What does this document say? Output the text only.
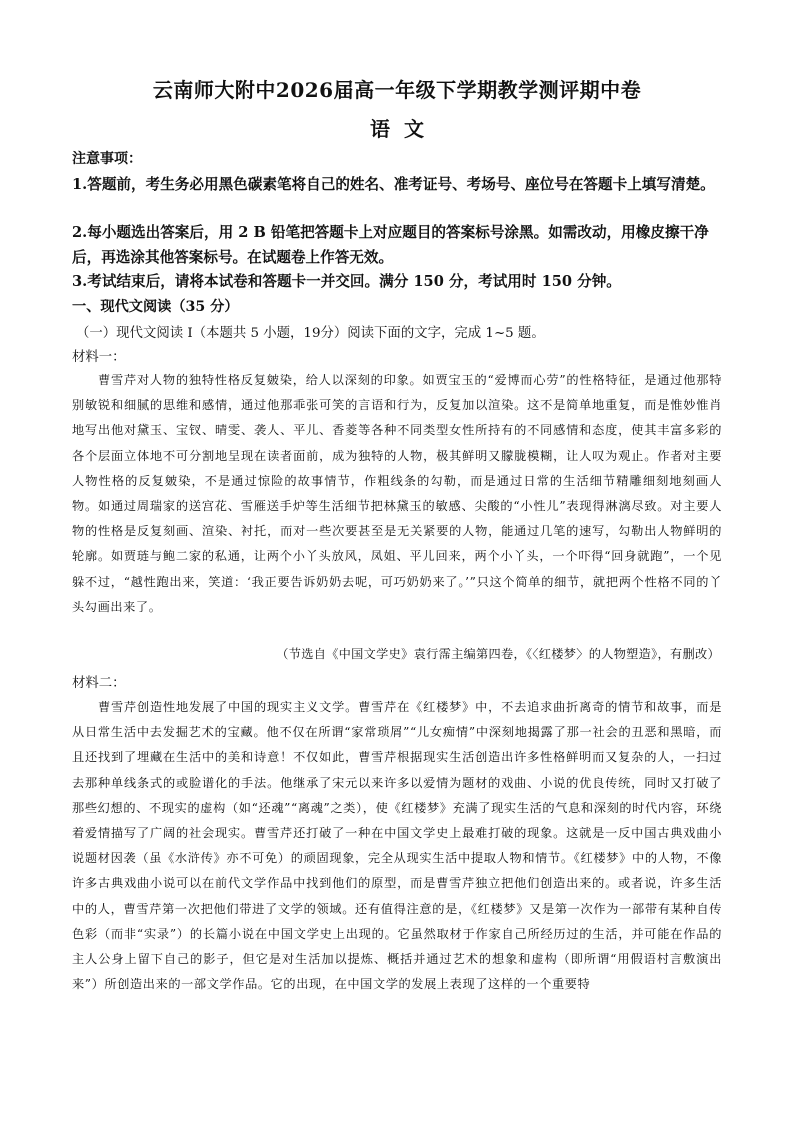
云南师大附中2026届高一年级下学期教学测评期中卷
语文
注意事项：

1.答题前，考生务必用黑色碳素笔将自己的姓名、准考证号、考场号、座位号在答题卡上填写清楚。

2.每小题选出答案后，用 2 B 铅笔把答题卡上对应题目的答案标号涂黑。如需改动，用橡皮擦干净后，再选涂其他答案标号。在试题卷上作答无效。

3.考试结束后，请将本试卷和答题卡一并交回。满分 150 分，考试用时 150 分钟。

一、现代文阅读（35 分）
（一）现代文阅读 I（本题共 5 小题，19分）阅读下面的文字，完成 1~5 题。
材料一：

曹雪芹对人物的独特性格反复皴染，给人以深刻的印象。如贾宝玉的“爱博而心劳”的性格特征，是通过他那特别敏锐和细腻的思维和感情，通过他那乖张可笑的言语和行为，反复加以渲染。这不是简单地重复，而是惟妙惟肖地写出他对黛玉、宝钗、晴雯、袭人、平儿、香菱等各种不同类型女性所持有的不同感情和态度，使其丰富多彩的各个层面立体地不可分割地呈现在读者面前，成为独特的人物，极其鲜明又朦胧模糊，让人叹为观止。作者对主要人物性格的反复皴染，不是通过惊险的故事情节，作粗线条的勾勒，而是通过日常的生活细节精雕细刻地刻画人物。如通过周瑞家的送宫花、雪雁送手炉等生活细节把林黛玉的敏感、尖酸的“小性儿”表现得淋漓尽致。对主要人物的性格是反复刻画、渲染、衬托，而对一些次要甚至是无关紧要的人物，能通过几笔的速写，勾勒出人物鲜明的轮廓。如贾琏与鲍二家的私通，让两个小丫头放风，凤姐、平儿回来，两个小丫头，一个吓得“回身就跑”，一个见躲不过，“越性跑出来，笑道：‘我正要告诉奶奶去呢，可巧奶奶来了。’”只这个简单的细节，就把两个性格不同的丫头勾画出来了。

（节选自《中国文学史》袁行霈主编第四卷，《〈红楼梦〉的人物塑造》，有删改）
材料二：

曹雪芹创造性地发展了中国的现实主义文学。曹雪芹在《红楼梦》中，不去追求曲折离奇的情节和故事，而是从日常生活中去发掘艺术的宝藏。他不仅在所谓“家常琐屑”“儿女痴情”中深刻地揭露了那一社会的丑恶和黑暗，而且还找到了埋藏在生活中的美和诗意！不仅如此，曹雪芹根据现实生活创造出许多性格鲜明而又复杂的人，一扫过去那种单线条式的或脸谱化的手法。他继承了宋元以来许多以爱情为题材的戏曲、小说的优良传统，同时又打破了那些幻想的、不现实的虚构（如“还魂”“离魂”之类），使《红楼梦》充满了现实生活的气息和深刻的时代内容，环绕着爱情描写了广阔的社会现实。曹雪芹还打破了一种在中国文学史上最难打破的现象。这就是一反中国古典戏曲小说题材因袭（虽《水浒传》亦不可免）的顽固现象，完全从现实生活中提取人物和情节。《红楼梦》中的人物，不像许多古典戏曲小说可以在前代文学作品中找到他们的原型，而是曹雪芹独立把他们创造出来的。或者说，许多生活中的人，曹雪芹第一次把他们带进了文学的领域。还有值得注意的是，《红楼梦》又是第一次作为一部带有某种自传色彩（而非“实录”）的长篇小说在中国文学史上出现的。它虽然取材于作家自己所经历过的生活，并可能在作品的主人公身上留下自己的影子，但它是对生活加以提炼、概括并通过艺术的想象和虚构（即所谓“用假语村言敷演出来”）所创造出来的一部文学作品。它的出现，在中国文学的发展上表现了这样的一个重要特
